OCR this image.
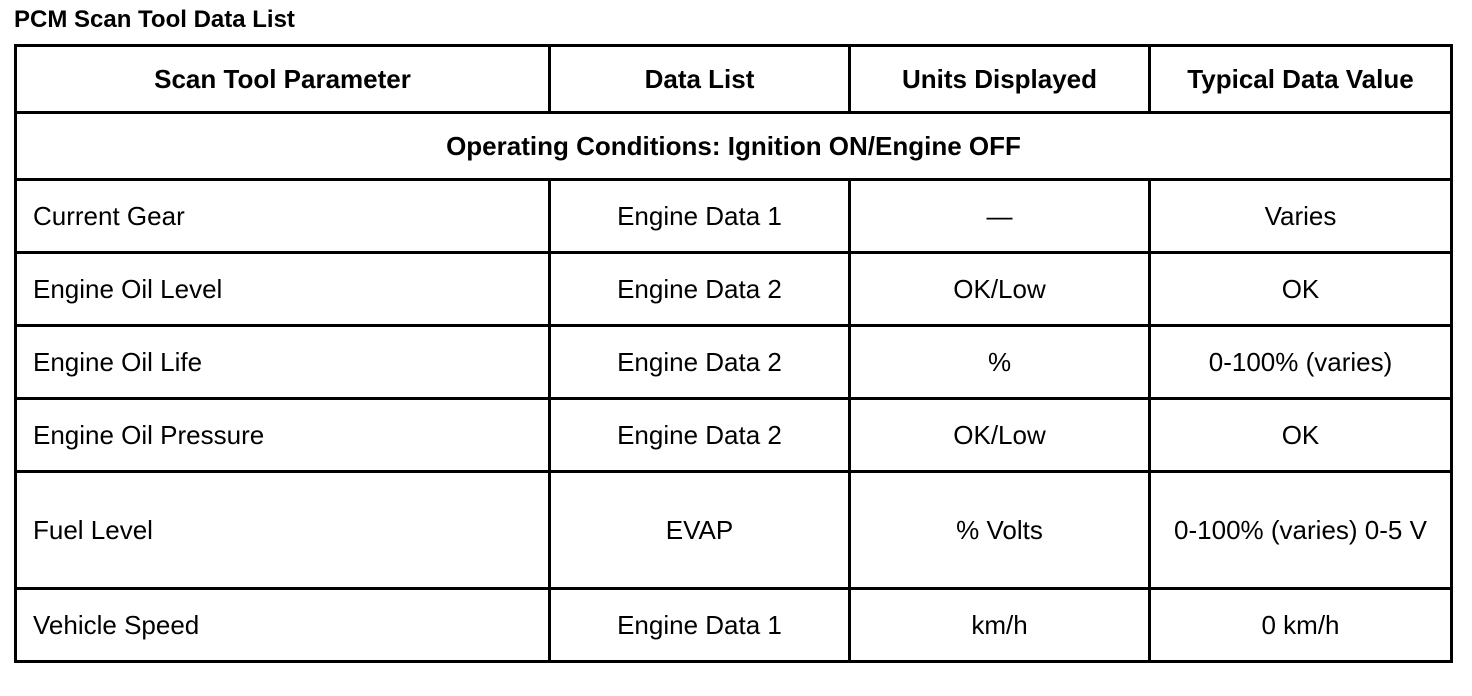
PCM Scan Tool Data List
Scan Tool Parameter	Data List	Units Displayed	Typical Data Value
Operating Conditions: Ignition ON/Engine OFF			
Current Gear	Engine Data 1	—	Varies
Engine Oil Level	Engine Data 2	OK/Low	OK
Engine Oil Life	Engine Data 2	%	0-100% (varies)
Engine Oil Pressure	Engine Data 2	OK/Low	OK
Fuel Level	EVAP	% Volts	0-100% (varies) 0-5 V
Vehicle Speed	Engine Data 1	km/h	0 km/h
